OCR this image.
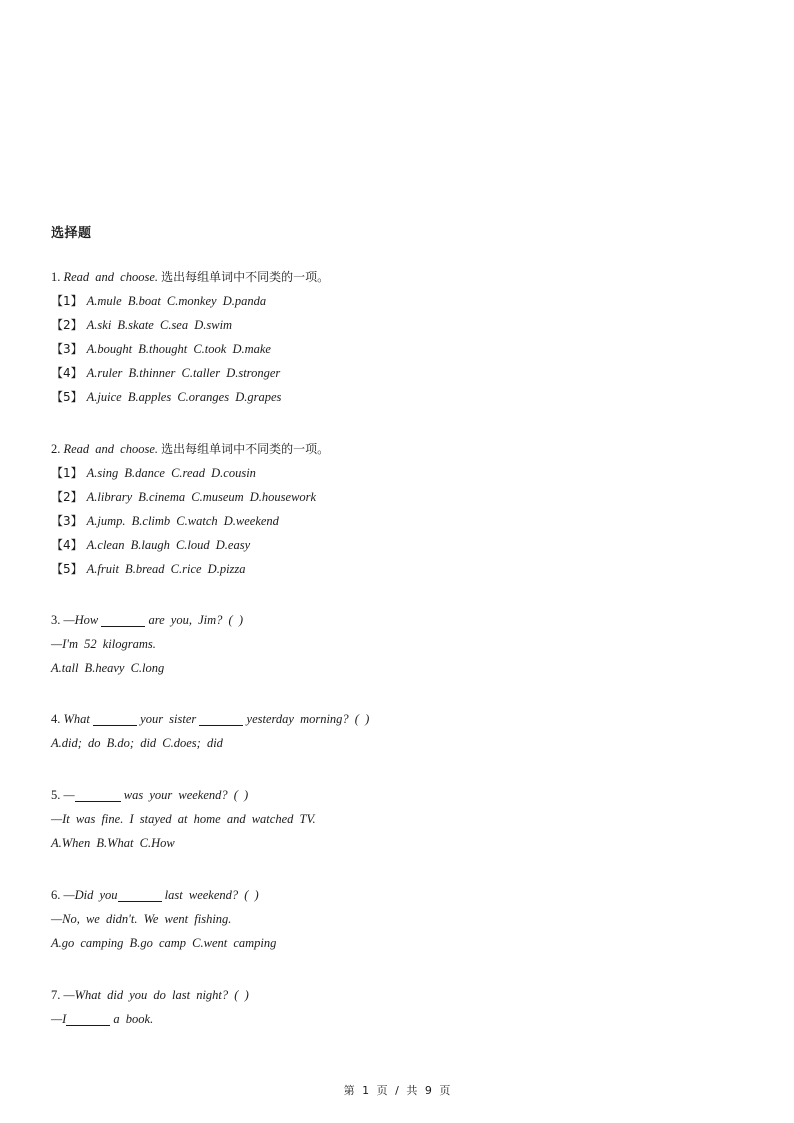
选择题
1. Read and choose. 选出每组单词中不同类的一项。
【1】 A.mule B.boat C.monkey D.panda
【2】 A.ski B.skate C.sea D.swim
【3】 A.bought B.thought C.took D.make
【4】 A.ruler B.thinner C.taller D.stronger
【5】 A.juice B.apples C.oranges D.grapes
2. Read and choose. 选出每组单词中不同类的一项。
【1】 A.sing B.dance C.read D.cousin
【2】 A.library B.cinema C.museum D.housework
【3】 A.jump. B.climb C.watch D.weekend
【4】 A.clean B.laugh C.loud D.easy
【5】 A.fruit B.bread C.rice D.pizza
3. —How	are you, Jim? ( )
—I'm 52 kilograms.
A.tall B.heavy C.long
4. What	your sister	yesterday morning? ( )
A.did; do B.do; did C.does; did
5. —	was your weekend? ( )
—It was fine. I stayed at home and watched TV.
A.When B.What C.How
6. —Did you	last weekend? ( )
—No, we didn't. We went fishing.
A.go camping B.go camp C.went camping
7. —What did you do last night? ( )
—I	a book.
第 1 页 / 共 9 页
